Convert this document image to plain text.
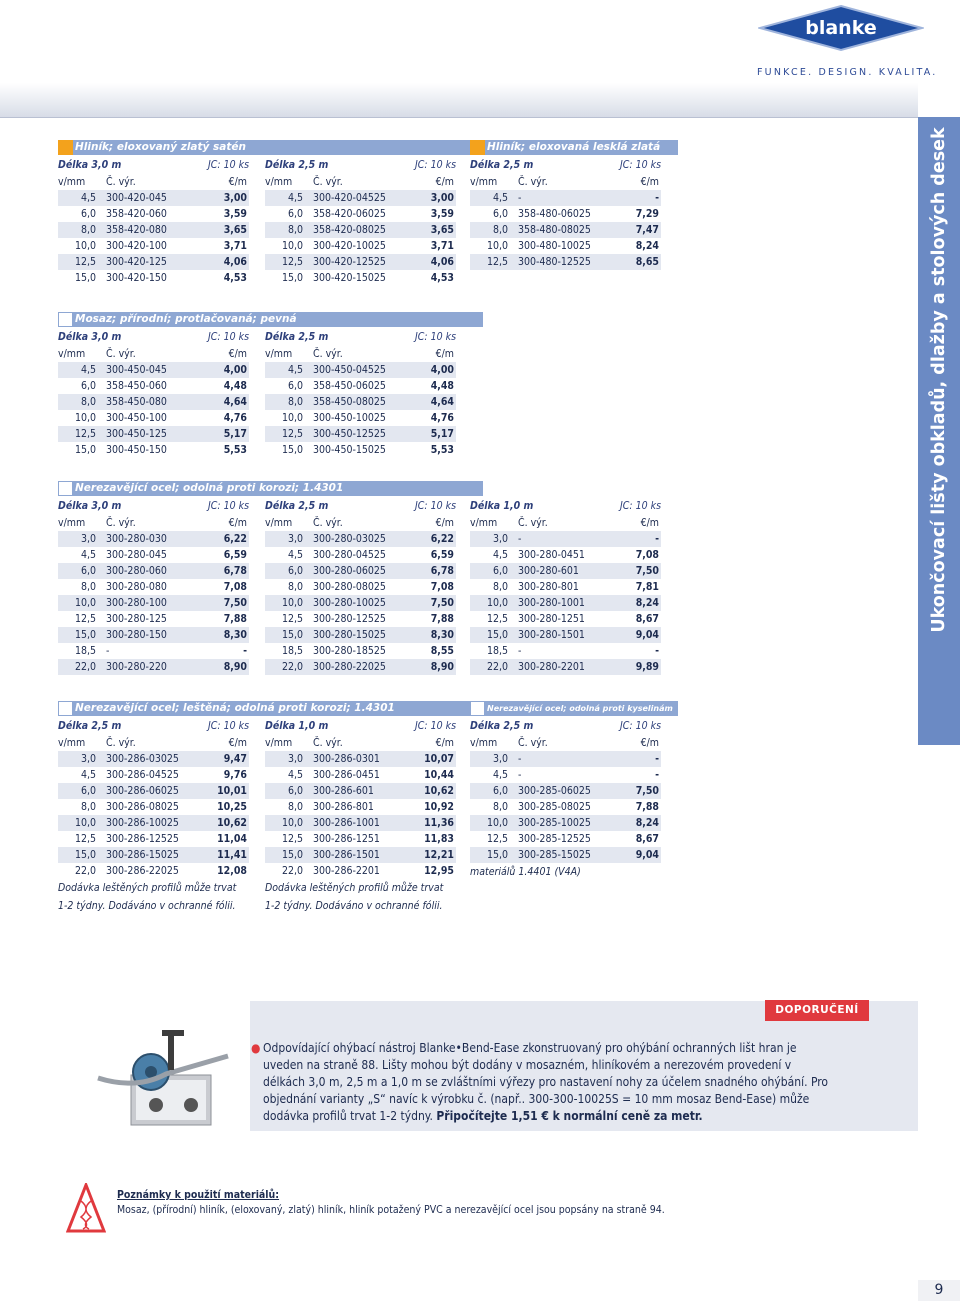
blanke
FUNKCE. DESIGN. KVALITA.
Ukončovací lišty obkladů, dlažby a stolových desek
Hliník; eloxovaný zlatý satén
Délka 3,0 m	JC: 10 ks
v/mm Č. výr.	€/m
4,5 300-420-045	3,00
6,0 358-420-060	3,59
8,0 358-420-080	3,65
10,0 300-420-100	3,71
12,5 300-420-125	4,06
15,0 300-420-150	4,53
Délka 2,5 m	JC: 10 ks
v/mm Č. výr.	€/m
4,5 300-420-04525	3,00
6,0 358-420-06025	3,59
8,0 358-420-08025	3,65
10,0 300-420-10025	3,71
12,5 300-420-12525	4,06
15,0 300-420-15025	4,53
Hliník; eloxovaná lesklá zlatá
Délka 2,5 m	JC: 10 ks
v/mm Č. výr.	€/m
4,5 -	-
6,0 358-480-06025	7,29
8,0 358-480-08025	7,47
10,0 300-480-10025	8,24
12,5 300-480-12525	8,65
Mosaz; přírodní; protlačovaná; pevná
Délka 3,0 m	JC: 10 ks
v/mm Č. výr.	€/m
4,5 300-450-045	4,00
6,0 358-450-060	4,48
8,0 358-450-080	4,64
10,0 300-450-100	4,76
12,5 300-450-125	5,17
15,0 300-450-150	5,53
Délka 2,5 m	JC: 10 ks
v/mm Č. výr.	€/m
4,5 300-450-04525	4,00
6,0 358-450-06025	4,48
8,0 358-450-08025	4,64
10,0 300-450-10025	4,76
12,5 300-450-12525	5,17
15,0 300-450-15025	5,53
Nerezavějící ocel; odolná proti korozi; 1.4301
Délka 3,0 m	JC: 10 ks
v/mm Č. výr.	€/m
3,0 300-280-030	6,22
4,5 300-280-045	6,59
6,0 300-280-060	6,78
8,0 300-280-080	7,08
10,0 300-280-100	7,50
12,5 300-280-125	7,88
15,0 300-280-150	8,30
18,5 -	-
22,0 300-280-220	8,90
Délka 2,5 m	JC: 10 ks
v/mm Č. výr.	€/m
3,0 300-280-03025	6,22
4,5 300-280-04525	6,59
6,0 300-280-06025	6,78
8,0 300-280-08025	7,08
10,0 300-280-10025	7,50
12,5 300-280-12525	7,88
15,0 300-280-15025	8,30
18,5 300-280-18525	8,55
22,0 300-280-22025	8,90
Délka 1,0 m	JC: 10 ks
v/mm Č. výr.	€/m
3,0 -	-
4,5 300-280-0451	7,08
6,0 300-280-601	7,50
8,0 300-280-801	7,81
10,0 300-280-1001	8,24
12,5 300-280-1251	8,67
15,0 300-280-1501	9,04
18,5 -	-
22,0 300-280-2201	9,89
Nerezavějící ocel; leštěná; odolná proti korozi; 1.4301
Délka 2,5 m	JC: 10 ks
v/mm Č. výr.	€/m
3,0 300-286-03025	9,47
4,5 300-286-04525	9,76
6,0 300-286-06025	10,01
8,0 300-286-08025	10,25
10,0 300-286-10025	10,62
12,5 300-286-12525	11,04
15,0 300-286-15025	11,41
22,0 300-286-22025	12,08
Dodávka leštěných profilů může trvat
1-2 týdny. Dodáváno v ochranné fólii.
Délka 1,0 m	JC: 10 ks
v/mm Č. výr.	€/m
3,0 300-286-0301	10,07
4,5 300-286-0451	10,44
6,0 300-286-601	10,62
8,0 300-286-801	10,92
10,0 300-286-1001	11,36
12,5 300-286-1251	11,83
15,0 300-286-1501	12,21
22,0 300-286-2201	12,95
Dodávka leštěných profilů může trvat
1-2 týdny. Dodáváno v ochranné fólii.
Nerezavějící ocel; odolná proti kyselinám
Délka 2,5 m	JC: 10 ks
v/mm Č. výr.	€/m
3,0 -	-
4,5 -	-
6,0 300-285-06025	7,50
8,0 300-285-08025	7,88
10,0 300-285-10025	8,24
12,5 300-285-12525	8,67
15,0 300-285-15025	9,04
materiálů 1.4401 (V4A)
DOPORUČENÍ
● Odpovídající ohýbací nástroj Blanke•Bend-Ease zkonstruovaný pro ohýbání ochranných lišt hran je uveden na straně 88. Lišty mohou být dodány v mosazném, hliníkovém a nerezovém provedení v délkách 3,0 m, 2,5 m a 1,0 m se zvláštními výřezy pro nastavení nohy za účelem snadného ohýbání. Pro objednání varianty „S“ navíc k výrobku č. (např.. 300-300-10025S = 10 mm mosaz Bend-Ease) může dodávka profilů trvat 1-2 týdny. Připočítejte 1,51 € k normální ceně za metr.
Poznámky k použití materiálů:
Mosaz, (přírodní) hliník, (eloxovaný, zlatý) hliník, hliník potažený PVC a nerezavějící ocel jsou popsány na straně 94.
9
